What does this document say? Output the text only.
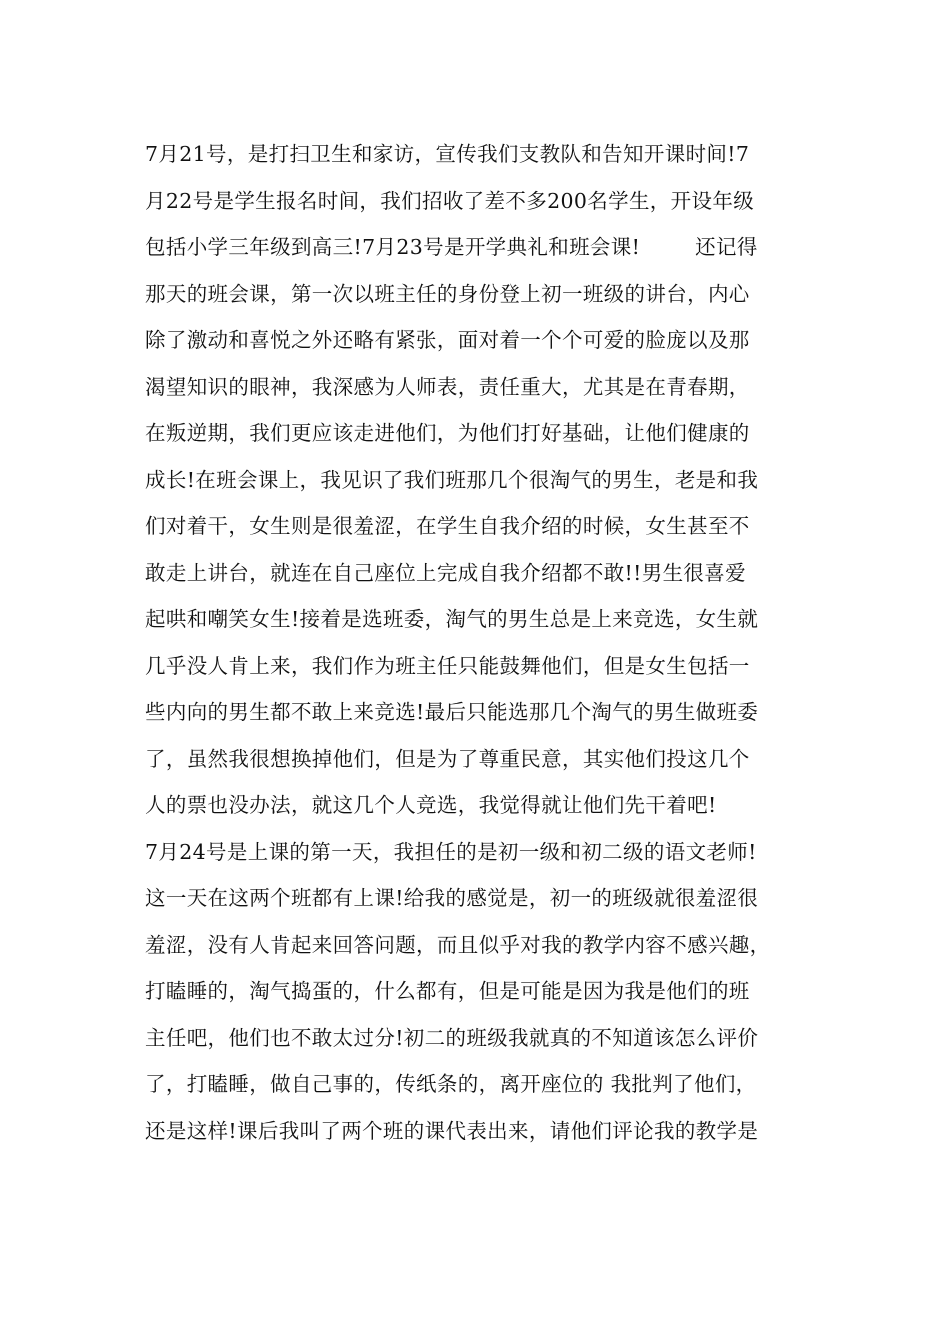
7月21号，是打扫卫生和家访，宣传我们支教队和告知开课时间!7
月22号是学生报名时间，我们招收了差不多200名学生，开设年级
包括小学三年级到高三!7月23号是开学典礼和班会课!        还记得
那天的班会课，第一次以班主任的身份登上初一班级的讲台，内心
除了激动和喜悦之外还略有紧张，面对着一个个可爱的脸庞以及那
渴望知识的眼神，我深感为人师表，责任重大，尤其是在青春期，
在叛逆期，我们更应该走进他们，为他们打好基础，让他们健康的
成长!在班会课上，我见识了我们班那几个很淘气的男生，老是和我
们对着干，女生则是很羞涩，在学生自我介绍的时候，女生甚至不
敢走上讲台，就连在自己座位上完成自我介绍都不敢!!男生很喜爱
起哄和嘲笑女生!接着是选班委，淘气的男生总是上来竞选，女生就
几乎没人肯上来，我们作为班主任只能鼓舞他们，但是女生包括一
些内向的男生都不敢上来竞选!最后只能选那几个淘气的男生做班委
了，虽然我很想换掉他们，但是为了尊重民意，其实他们投这几个
人的票也没办法，就这几个人竞选，我觉得就让他们先干着吧!
7月24号是上课的第一天，我担任的是初一级和初二级的语文老师!
这一天在这两个班都有上课!给我的感觉是，初一的班级就很羞涩很
羞涩，没有人肯起来回答问题，而且似乎对我的教学内容不感兴趣，
打瞌睡的，淘气捣蛋的，什么都有，但是可能是因为我是他们的班
主任吧，他们也不敢太过分!初二的班级我就真的不知道该怎么评价
了，打瞌睡，做自己事的，传纸条的，离开座位的 我批判了他们，
还是这样!课后我叫了两个班的课代表出来，请他们评论我的教学是
